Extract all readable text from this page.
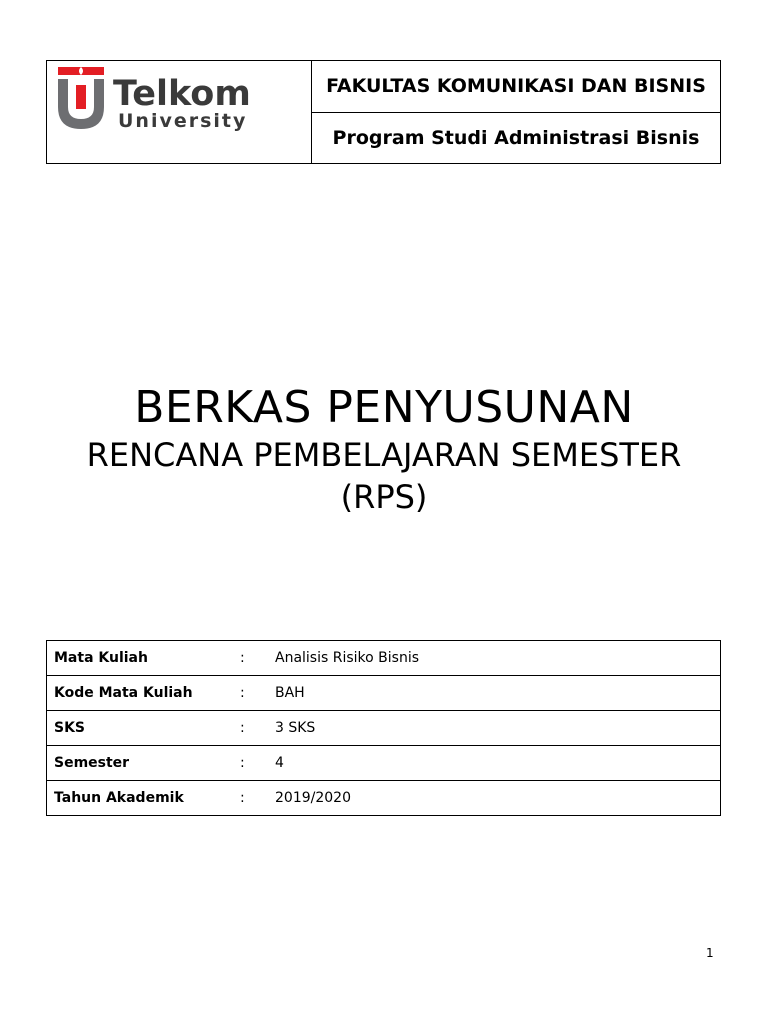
Telkom
University
FAKULTAS KOMUNIKASI DAN BISNIS
Program Studi Administrasi Bisnis
BERKAS PENYUSUNAN
RENCANA PEMBELAJARAN SEMESTER (RPS)
Mata Kuliah	:	Analisis Risiko Bisnis
Kode Mata Kuliah	:	BAH
SKS	:	3 SKS
Semester	:	4
Tahun Akademik	:	2019/2020
1
